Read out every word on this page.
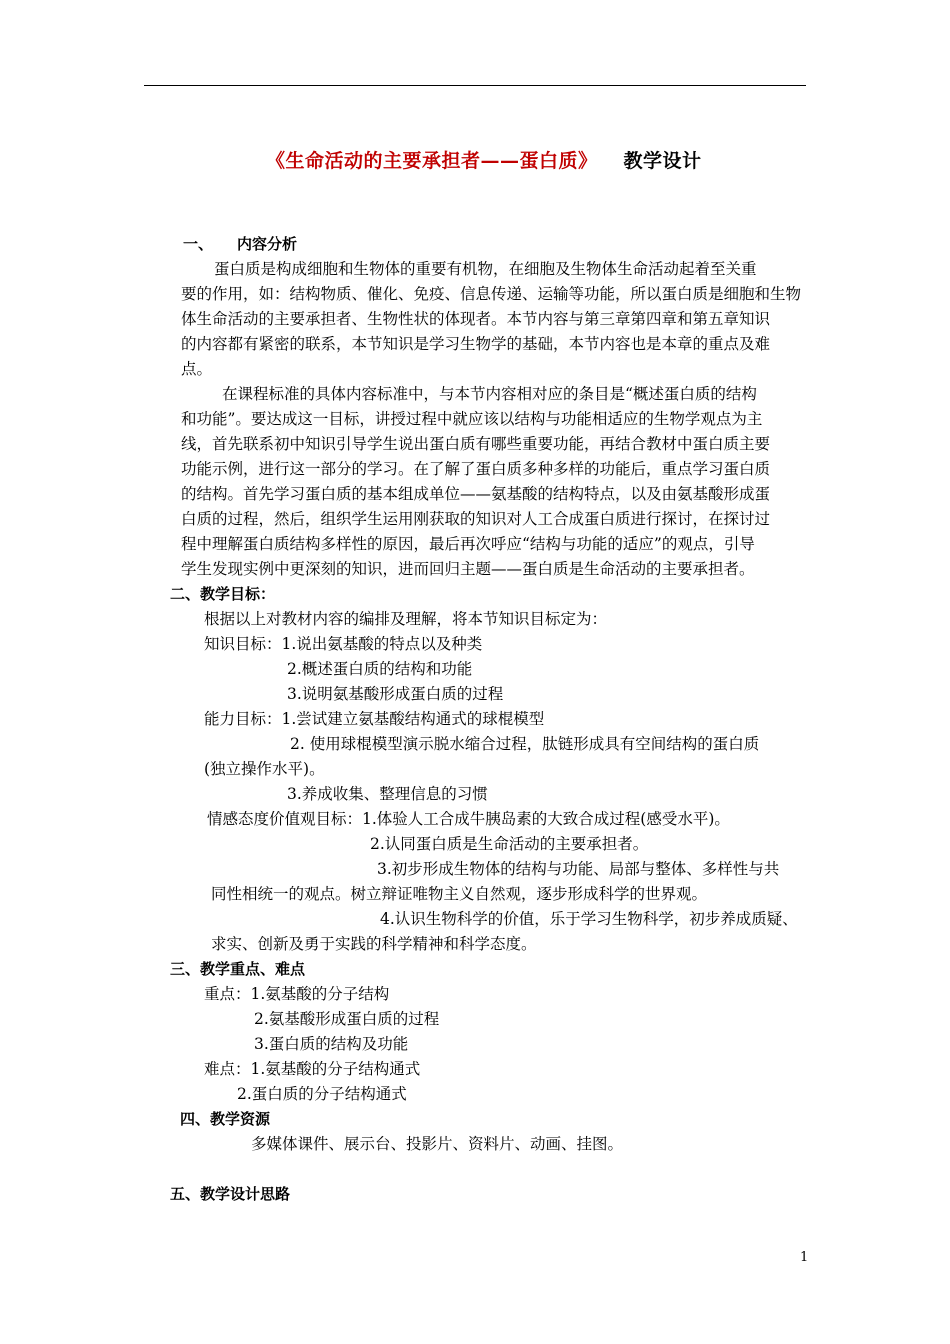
《生命活动的主要承担者——蛋白质》 教学设计
一、 内容分析
蛋白质是构成细胞和生物体的重要有机物，在细胞及生物体生命活动起着至关重
要的作用，如：结构物质、催化、免疫、信息传递、运输等功能，所以蛋白质是细胞和生物
体生命活动的主要承担者、生物性状的体现者。本节内容与第三章第四章和第五章知识
的内容都有紧密的联系，本节知识是学习生物学的基础，本节内容也是本章的重点及难
点。
在课程标准的具体内容标准中，与本节内容相对应的条目是“概述蛋白质的结构
和功能”。要达成这一目标，讲授过程中就应该以结构与功能相适应的生物学观点为主
线，首先联系初中知识引导学生说出蛋白质有哪些重要功能，再结合教材中蛋白质主要
功能示例，进行这一部分的学习。在了解了蛋白质多种多样的功能后，重点学习蛋白质
的结构。首先学习蛋白质的基本组成单位——氨基酸的结构特点，以及由氨基酸形成蛋
白质的过程，然后，组织学生运用刚获取的知识对人工合成蛋白质进行探讨，在探讨过
程中理解蛋白质结构多样性的原因，最后再次呼应“结构与功能的适应”的观点，引导
学生发现实例中更深刻的知识，进而回归主题——蛋白质是生命活动的主要承担者。
二、教学目标：
根据以上对教材内容的编排及理解，将本节知识目标定为：
知识目标：1.说出氨基酸的特点以及种类
2.概述蛋白质的结构和功能
3.说明氨基酸形成蛋白质的过程
能力目标：1.尝试建立氨基酸结构通式的球棍模型
2. 使用球棍模型演示脱水缩合过程，肽链形成具有空间结构的蛋白质
(独立操作水平)。
3.养成收集、整理信息的习惯
情感态度价值观目标：1.体验人工合成牛胰岛素的大致合成过程(感受水平)。
2.认同蛋白质是生命活动的主要承担者。
3.初步形成生物体的结构与功能、局部与整体、多样性与共
同性相统一的观点。树立辩证唯物主义自然观，逐步形成科学的世界观。
4.认识生物科学的价值，乐于学习生物科学，初步养成质疑、
求实、创新及勇于实践的科学精神和科学态度。
三、教学重点、难点
重点：1.氨基酸的分子结构
2.氨基酸形成蛋白质的过程
3.蛋白质的结构及功能
难点：1.氨基酸的分子结构通式
2.蛋白质的分子结构通式
四、教学资源
多媒体课件、展示台、投影片、资料片、动画、挂图。
五、教学设计思路
1
